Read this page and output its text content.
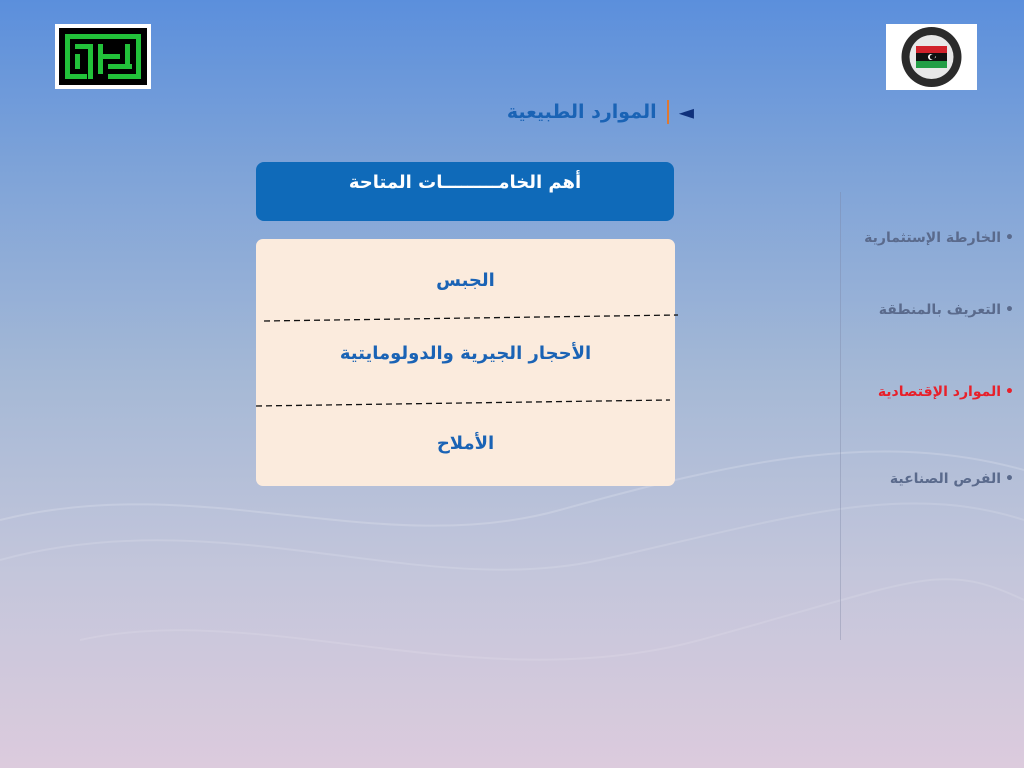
◄
الموارد الطبيعية
أهم الخامـــــــــات المتاحة
الجبس
الأحجار الجيرية والدولومايتية
الأملاح
•الخارطة الإستثمارية
•التعريف بالمنطقة
•الموارد الإقتصادية
•الفرص الصناعية
